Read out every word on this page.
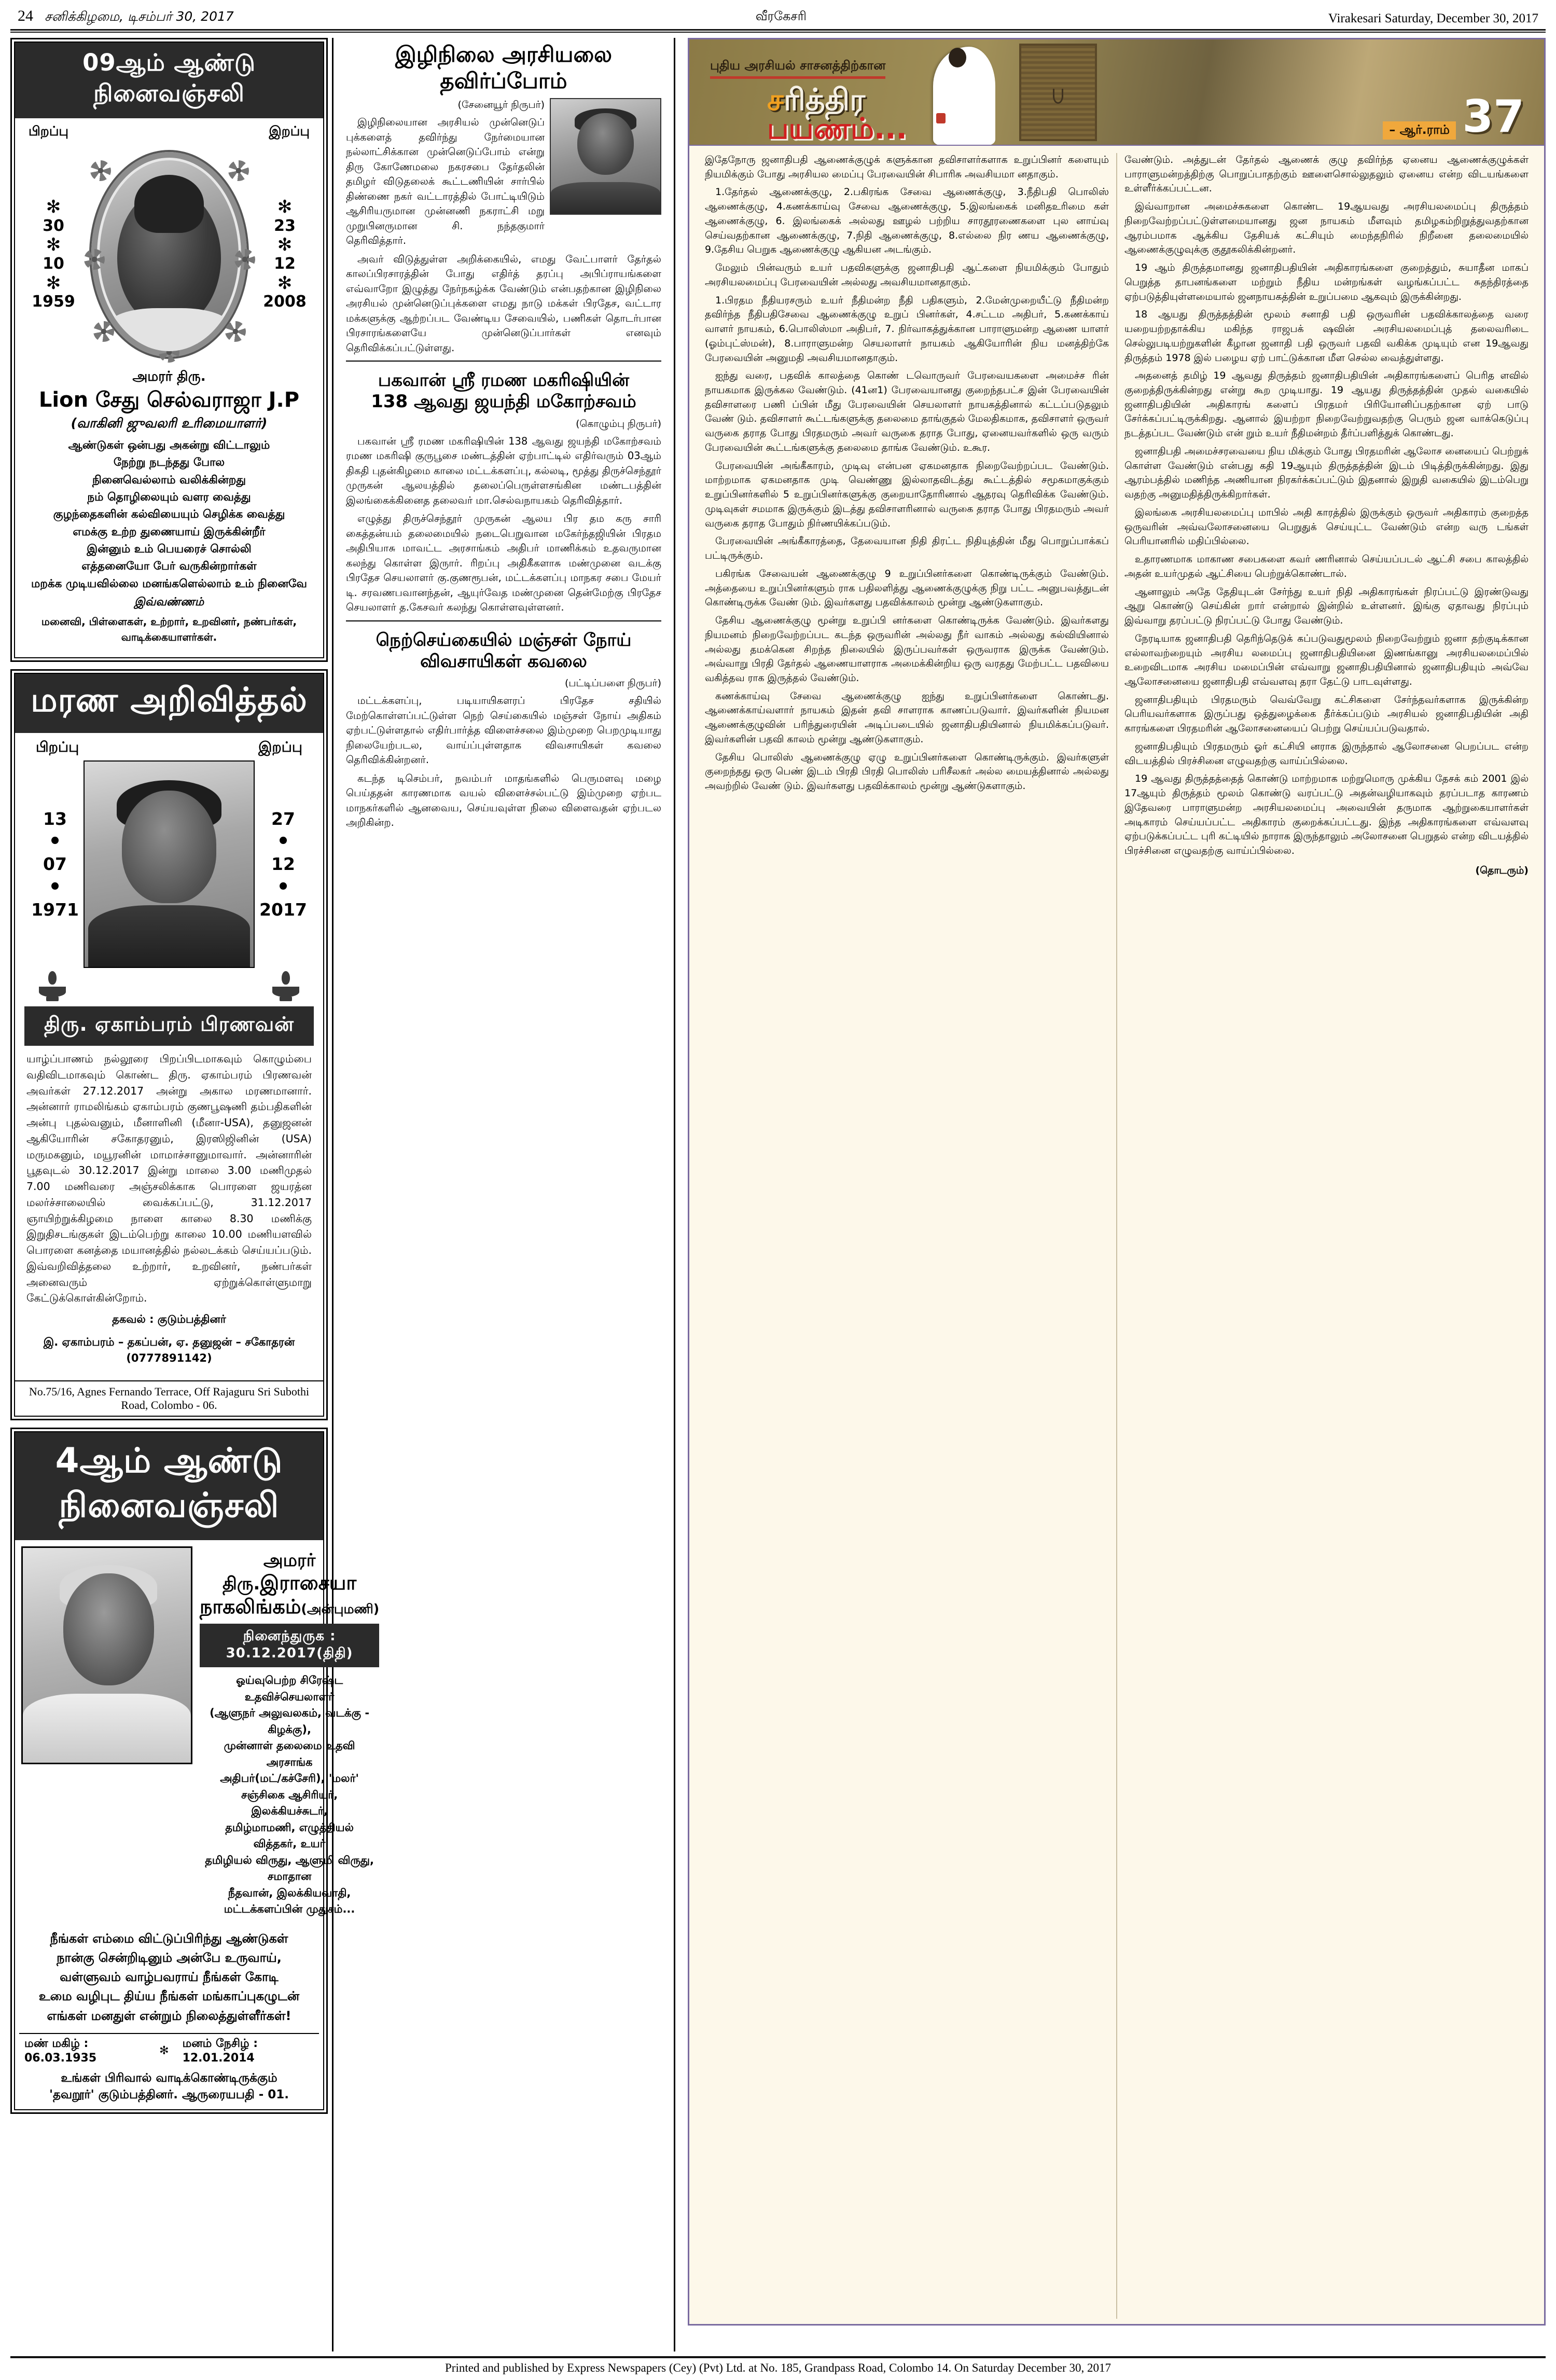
24 சனிக்கிழமை, டிசம்பர் 30, 2017	வீரகேசரி	Virakesari Saturday, December 30, 2017
09ஆம் ஆண்டு நினைவஞ்சலி
பிறப்பு	இறப்பு
✻
30
✻
10
✻
1959
✻
23
✻
12
✻
2008
அமரர் திரு.
Lion சேது செல்வராஜா J.P
(வாகினி ஜுவலரி உரிமையாளர்)
ஆண்டுகள் ஒன்பது அகன்று விட்டாலும்
நேற்று நடந்தது போல
நினைவெல்லாம் வலிக்கின்றது
நம் தொழிலையும் வளர வைத்து
குழந்தைகளின் கல்வியையும் செழிக்க வைத்து
எமக்கு உற்ற துணையாய் இருக்கின்றீர்
இன்னும் உம் பெயரைச் சொல்லி
எத்தனையோ பேர் வருகின்றார்கள்
மறக்க முடியவில்லை மனங்களெல்லாம் உம் நினைவே
இவ்வண்ணம்
மனைவி, பிள்ளைகள், உற்றார், உறவினர், நண்பர்கள், வாடிக்கையாளர்கள்.
மரண அறிவித்தல்
பிறப்பு	இறப்பு
13
•
07
•
1971
27
•
12
•
2017
திரு. ஏகாம்பரம் பிரணவன்
யாழ்ப்பாணம் நல்லூரை பிறப்பிடமாகவும் கொழும்பை வதிவிடமாகவும் கொண்ட திரு. ஏகாம்பரம் பிரணவன் அவர்கள் 27.12.2017 அன்று அகால மரணமானார். அன்னார் ராமலிங்கம் ஏகாம்பரம் குணபூஷணி தம்பதிகளின் அன்பு புதல்வனும், மீனாளினி (மீனா-USA), தனுஜனன் ஆகியோரின் சகோதரனும், இரஸிஜினின் (USA) மருமகனும், மயூரனின் மாமாச்சானுமாவார். அன்னாரின் பூதவுடல் 30.12.2017 இன்று மாலை 3.00 மணிமுதல் 7.00 மணிவரை அஞ்சலிக்காக பொரளை ஜயரத்ன மலர்ச்சாலையில் வைக்கப்பட்டு, 31.12.2017 ஞாயிற்றுக்கிழமை நாளை காலை 8.30 மணிக்கு இறுதிசடங்குகள் இடம்பெற்று காலை 10.00 மணியளவில் பொரளை கனத்தை மயானத்தில் நல்லடக்கம் செய்யப்படும். இவ்வறிவித்தலை உற்றார், உறவினர், நண்பர்கள் அனைவரும் ஏற்றுக்கொள்ளுமாறு கேட்டுக்கொள்கின்றோம்.
தகவல் : குடும்பத்தினர்
இ. ஏகாம்பரம் – தகப்பன், ஏ. தனுஜன் – சகோதரன் (0777891142)
No.75/16, Agnes Fernando Terrace, Off Rajaguru Sri Subothi Road, Colombo - 06.
4ஆம் ஆண்டு நினைவஞ்சலி
அமரர் திரு.இராசையா
நாகலிங்கம்(அன்புமணி)
நினைந்துருக : 30.12.2017(திதி)
ஓய்வுபெற்ற சிரேஷ்ட உதவிச்செயலாளர்
(ஆளுநர் அலுவலகம், வடக்கு - கிழக்கு),
முன்னாள் தலைமை உதவி அரசாங்க
அதிபர்(மட்/கச்சேரி), 'மலர்'
சஞ்சிகை ஆசிரியர், இலக்கியச்சுடர்,
தமிழ்மாமணி, எழுத்தியல் வித்தகர், உயர்
தமிழியல் விருது, ஆளுமி விருது, சமாதான
நீதவான், இலக்கியவாதி, மட்டக்களப்பின் முதுசம்...
நீங்கள் எம்மை விட்டுப்பிரிந்து ஆண்டுகள்
நான்கு சென்றிடினும் அன்பே உருவாய்,
வள்ளுவம் வாழ்பவராய் நீங்கள் கோடி
உமை வழிபுட திய்ய நீங்கள் மங்காப்புகழுடன்
எங்கள் மனதுள் என்றும் நிலைத்துள்ளீர்கள்!
மண் மகிழ் : 06.03.1935
✻
மனம் நேசிழ் : 12.01.2014
உங்கள் பிரிவால் வாடிக்கொண்டிருக்கும்
'தவறூர்' குடும்பத்தினர். ஆருரையபதி - 01.
இழிநிலை அரசியலை
தவிர்ப்போம்
(சேனையூர் நிருபர்)

இழிநிலையான அரசியல் முன்னெடுப் புக்களைத் தவிர்ந்து நேர்மையான நல்லாட்சிக்கான முன்னெடுப்போம் என்று திரு கோணேமலை நகரசபை தேர்தலின் தமிழர் விடுதலைக் கூட்டணியின் சார்பில் திண்ணை நகர் வட்டாரத்தில் போட்டியிடும் ஆசிரியருமான முன்னணி நகராட்சி மறு முறுபினருமான சி. நந்தகுமார் தெரிவித்தார்.

அவர் விடுத்துள்ள அறிக்கையில், எமது வேட்பாளர் தேர்தல் காலப்பிரசாரத்தின் போது எதிர்த் தரப்பு அபிப்ராயங்களை எவ்வாறோ இழுத்து நேர்நகழ்க்க வேண்டும் என்பதற்கான இழிநிலை அரசியல் முன்னெடுப்புக்களை எமது நாடு மக்கள் பிரதேச, வட்டார மக்களுக்கு ஆற்றப்பட வேண்டிய சேவையில், பணிகள் தொடர்பான பிரசாரங்களையே முன்னெடுப்பார்கள் எனவும் தெரிவிக்கப்பட்டுள்ளது.

பகவான் ஸ்ரீ ரமண மகரிஷியின்
138 ஆவது ஜயந்தி மகோற்சவம்
(கொழும்பு நிருபர்)

பகவான் ஸ்ரீ ரமண மகரிஷியின் 138 ஆவது ஜயந்தி மகோற்சவம் ரமண மகரிஷி குருபூசை மண்டத்தின் ஏற்பாட்டில் எதிர்வரும் 03ஆம் திகதி புதன்கிழமை காலை மட்டக்களப்பு, கல்லடி, மூத்து திருச்செந்தூர் முருகன் ஆலயத்தில் தலைப்பெருள்ளசங்கின மண்டபத்தின் இலங்கைக்கினைத தலைவர் மா.செல்வநாயகம் தெரிவித்தார்.

எழுத்து திருச்செந்தூர் முருகன் ஆலய பிர தம கரு சாரி கைத்தன்யம் தலைமையில் நடைபெறுவான மகேர்ந்தஜியின் பிரதம அதிபியாசு மாவட்ட அரசாங்கம் அதிபர் மாணிக்கம் உதவருமான கலந்து கொள்ள இருார். ரிறப்பு அதிகீகளாசு மண்முனை வடக்கு பிரதேச செயலாளர் கு.குணரூபன், மட்டக்களப்பு மாநகர சபை மேயர் டி. சரவணபவானந்தன், ஆயுர்வேத மண்முனை தென்மேற்கு பிரதேச செயலாளர் த.கேசவர் கலந்து கொள்ளவுள்ளனர்.

நெற்செய்கையில் மஞ்சள் நோய்
விவசாயிகள் கவலை
(பட்டிப்பளை நிருபர்)

மட்டக்களப்பு, படியாயிகளரப் பிரதேச சதியில் மேற்கொள்ளப்பட்டுள்ள நெற் செய்கையில் மஞ்சள் நோய் அதிகம் ஏற்பட்டுள்ளதால் எதிர்பார்த்த விளைச்சலை இம்முறை பெறமுடியாது நிலையேற்படல, வாய்ப்புள்ளதாக விவசாயிகள் கவலை தெரிவிக்கின்றனர்.

கடந்த டிசெம்பர், நவம்பர் மாதங்களில் பெருமளவு மழை பெய்ததன் காரணமாக வயல் விளைச்சல்பட்டு இம்முறை ஏற்பட மாநகர்களில் ஆனவைய, செய்யவுள்ள நிலை விளைவதன் ஏற்படல அறிகின்ற.

புதிய அரசியல் சாசனத்திற்கான
சரித்திர
பயணம்...	– ஆர்.ராம் 37

இதேநோரு ஜனாதிபதி ஆணைக்குழுக் களுக்கான தவிசாளர்களாக உறுப்பினர் களையும் நியமிக்கும் போது அரசியல மைப்பு பேரவையின் சிபாரிசு அவசியமா னதாகும்.

1.தேர்தல் ஆணைக்குழு, 2.பகிரங்க சேவை ஆணைக்குழு, 3.நீதிபதி பொலிஸ் ஆணைக்குழு, 4.கணக்காய்வு சேவை ஆணைக்குழு, 5.இலங்கைக் மனிதஉரிமை கள் ஆணைக்குழு, 6. இலங்கைக் அல்லது ஊழல் பற்றிய சாரதூரணைகளை புல னாய்வு செய்வதற்கான ஆணைக்குழு, 7.நிதி ஆணைக்குழு, 8.எல்லை நிர ணய ஆணைக்குழு, 9.தேசிய பெறுக ஆணைக்குழு ஆகியன அடங்கும்.

மேலும் பின்வரும் உயர் பதவிகளுக்கு ஜனாதிபதி ஆட்களை நியமிக்கும் போதும் அரசியலமைப்பு பேரவையின் அல்லது அவசியமானதாகும்.

1.பிரதம நீதியரசரும் உயர் நீதிமன்ற நீதி பதிகளும், 2.மேன்முறையீட்டு நீதிமன்ற தவிர்ந்த நீதிபதிசேவை ஆணைக்குழு உறுப் பினர்கள், 4.சட்டம அதிபர், 5.கணக்காய் வாளர் நாயகம், 6.பொலிஸ்மா அதிபர், 7. நிர்வாகத்துக்கான பாராளுமன்ற ஆணை யாளர் (ஓம்புட்ஸ்மன்), 8.பாராளுமன்ற செயலாளர் நாயகம் ஆகியோரின் நிய மனத்திற்கே பேரவையின் அனுமதி அவசியமானதாகும்.

ஐந்து வரை, பதவிக் காலத்தை கொண் டவொருவர் பேரவையகளை அமைச்ச ரின் நாயகமாக இருக்கல வேண்டும். (41ன1) பேரவையானது குறைந்தபட்ச இன் பேரவையின் தவிசாளரை பணி ப்பின் மீது பேரவையின் செயலாளர் நாயகத்தினால் கட்டப்படுதலும் வேண் டும். தவிசாளர் கூட்டங்களுக்கு தலைமை தாங்குதல் மேலதிகமாக, தவிசாளர் ஒருவர் வருகை தராத போது பிரதமரும் அவர் வருகை தராத போது, ஏனையவர்களில் ஒரு வரும் பேரவையின் கூட்டங்களுக்கு தலைமை தாங்க வேண்டும். உகூர.

பேரவையின் அங்கீகாரம், முடிவு என்பன ஏகமனதாக நிறைவேற்றப்பட வேண்டும். மாற்றமாக ஏகமனதாக முடி வெண்ணு இல்லாதவிடத்து கூட்டத்தில் சமூகமாகுக்கும் உறுப்பினர்களில் 5 உறுப்பினர்களுக்கு குறையாதோரினால் ஆதரவு தெரிவிக்க வேண்டும். முடிவுகள் சமமாக இருக்கும் இடத்து தவிசாளரினால் வருகை தராத போது பிரதமரும் அவர் வருகை தராத போதும் நிர்ணயிக்கப்படும்.

பேரவையின் அங்கீகாரத்தை, தேவையான நிதி திரட்ட நிதியுத்தின் மீது பொறுப்பாக்கப் பட்டிருக்கும்.

பகிரங்க சேவையன் ஆணைக்குழு 9 உறுப்பினர்களை கொண்டிருக்கும் வேண்டும். அத்தையை உறுப்பினர்களும் ராக பதிலளித்து ஆணைக்குழுக்கு நிறு பட்ட அனுபவத்துடன் கொண்டிருக்க வேண் டும். இவர்களது பதவிக்காலம் மூன்று ஆண்டுகளாகும்.

தேசிய ஆணைக்குழு மூன்று உறுப்பி னர்களை கொண்டிருக்க வேண்டும். இவர்களது நியமனம் நிறைவேற்றப்பட கடந்த ஒருவரின் அல்லது நீர் வாகம் அல்லது கல்வியினால் அல்லது தமக்கென சிறந்த நிலையில் இருப்பவர்கள் ஒருவராக இருக்க வேண்டும். அவ்வாறு பிரதி தேர்தல் ஆணையாளராக அமைக்கின்றிய ஒரு வரதது மேற்பட்ட பதவியை வகித்தவ ராக இருத்தல் வேண்டும்.

கணக்காய்வு சேவை ஆணைக்குழு ஐந்து உறுப்பினர்களை கொண்டது. ஆணைக்காய்வளார் நாயகம் இதன் தவி சாளராக காணப்படுவார். இவர்களின் நியமன ஆணைக்குழுவின் பரிந்துரையின் அடிப்படையில் ஜனாதிபதியினால் நியமிக்கப்படுவர். இவர்களின் பதவி காலம் மூன்று ஆண்டுகளாகும்.

தேசிய பொலிஸ் ஆணைக்குழு ஏழு உறுப்பினர்களை கொண்டிருக்கும். இவர்களுள் குறைந்தது ஒரு பெண் இடம் பிரதி பிரதி பொலிஸ் பரிசீலகர் அல்ல மையத்தினால் அல்லது அவற்றில் வேண் டும். இவர்களது பதவிக்காலம் மூன்று ஆண்டுகளாகும்.

வேண்டும். அத்துடன் தேர்தல் ஆணைக் குழு தவிர்ந்த ஏனைய ஆணைக்குழுக்கள் பாராளுமன்றத்திற்கு பொறுப்பாதற்கும் ஊளைசொல்லுதலும் ஏனைய என்ற விடயங்களை உள்ளீர்க்கப்பட்டன.

இவ்வாறான அமைச்சுகளை கொண்ட 19ஆயவது அரசியலமைப்பு திருத்தம் நிறைவேற்றப்பட்டுள்ளமையானது ஜன நாயகம் மீளவும் தமிழகம்றிறுத்துவதற்கான ஆரம்பமாக ஆக்கிய தேசியக் கட்சியும் மைந்தநிரில் நிறீனை தலைமையில் ஆணைக்குழுவுக்கு குதூகலிக்கின்றனர்.

19 ஆம் திருத்தமானது ஜனாதிபதியின் அதிகாரங்களை குறைத்தும், சுயாதீன மாகப் பெறுத்த தாபனங்களை மற்றும் நீதிய மன்றங்கள் வழங்கப்பட்ட சுதந்திரத்தை ஏற்படுத்தியுள்ளமையால் ஜனநாயகத்தின் உறுப்பமை ஆகவும் இருக்கின்றது.

18 ஆயது திருத்தத்தின் மூலம் சனாதி பதி ஒருவரின் பதவிக்காலத்தை வரை யறையற்றதாக்கிய மகிந்த ராஜபக் ஷவின் அரசியலமைப்புத் தலைவரிடை செல்லுபடியற்றுகளின் கீழான ஜனாதி பதி ஒருவர் பதவி வகிக்க முடியும் என 19ஆவது திருத்தம் 1978 இல் பழைய ஏற் பாட்டுக்கான மீள செல்ல வைத்துள்ளது.

அதனைத் தமிழ் 19 ஆவது திருத்தம் ஜனாதிபதியின் அதிகாரங்களைப் பெரித ளவில் குறைத்திருக்கின்றது என்று கூற முடியாது. 19 ஆயது திருத்தத்தின் முதல் வகையில் ஜனாதிபதியின் அதிகாரங் களைப் பிரதமர் பிரியோனிப்பதற்கான ஏற் பாடு சேர்க்கப்பட்டிருக்கிறது. ஆனால் இயற்றா நிறைவேற்றுவதற்கு பெரும் ஜன வாக்கெடுப்பு நடத்தப்பட வேண்டும் என் றும் உயர் நீதிமன்றம் தீர்ப்பளித்துக் கொண்டது.

ஜனாதிபதி அமைச்சரவையை நிய மிக்கும் போது பிரதமரின் ஆலோச னையைப் பெற்றுக் கொள்ள வேண்டும் என்பது கதி 19ஆயும் திருத்தத்தின் இடம் பிடித்திருக்கின்றது. இது ஆரம்பத்தில் மணிந்த அணியான நிரகர்க்கப்பட்டும் இதனால் இறுதி வகையில் இடம்பெறு வதற்கு அனுமதித்திருக்கிறார்கள்.

இலங்கை அரசியலமைப்பு மாபில் அதி காரத்தில் இருக்கும் ஒருவர் அதிகாரம் குறைத்த ஒருவரின் அவ்வலோசனையை பெறுதுக் செய்யுட்ட வேண்டும் என்ற வரு டங்கள் பெரியானரில் மதிப்பில்லை.

உதாரணமாக மாகாண சபைகளை கவர் ணரினால் செய்யப்படல் ஆட்சி சபை காலத்தில் அதன் உயர்முதல் ஆட்சியை பெற்றுக்கொண்டால்.

ஆனாலும் அதே தேதியுடன் சேர்ந்து உயர் நிதி அதிகாரங்கள் நிரப்பட்டு இரண்டுவது ஆறு கொண்டு செய்கின் றார் என்றால் இன்றில் உள்ளனர். இங்கு ஏதாவது நிரப்பும் இவ்வாறு தரப்பட்டு நிரப்பட்டு போது வேண்டும்.

நேரடியாக ஜனாதிபதி தெரிந்தெடுக் கப்படுவதுமூலம் நிறைவேற்றும் ஜனா தற்குடிக்கான எல்லாவற்றையும் அரசிய லமைப்பு ஜனாதிபதியினை இணங்கானு அரசியலமைப்பில் உறைவிடமாக அரசிய மமைப்பின் எவ்வாறு ஜனாதிபதியினால் ஜனாதிபதியும் அவ்வே ஆலோசனையை ஜனாதிபதி எவ்வளவு தரா தேட்டு பாடவுள்ளது.

ஜனாதிபதியும் பிரதமரும் வெவ்வேறு கட்சிகளை சேர்ந்தவர்களாக இருக்கின்ற பெரியவர்களாக இருப்பது ஒத்துழைக்கை தீர்க்கப்படும் அரசியல் ஜனாதிபதியின் அதி காரங்களை பிரதமரின் ஆலோசனையைப் பெற்று செய்யப்படுவதால்.

ஜனாதிபதியும் பிரதமரும் ஓர் கட்சியி னராக இருந்தால் ஆலோசனை பெறப்பட என்ற விடயத்தில் பிரச்சினை எழுவதற்கு வாய்ப்பில்லை.

19 ஆவது திருத்தத்தைத் கொண்டு மாற்றமாக மற்றுமொரு முக்கிய தேசக் கம் 2001 இல் 17ஆயும் திருத்தம் மூலம் கொண்டு வரப்பட்டு அதன்வழியாகவும் தரப்படாத காரணம் இதேவரை பாராளுமன்ற அரசியலமைப்பு அவையின் தருமாக ஆற்றுகையாளர்கள் அடிகாரம் செய்யப்பட்ட அதிகாரம் குறைக்கப்பட்டது. இந்த அதிகாரங்களை எவ்வளவு ஏற்படுக்கப்பட்ட புரி கட்டியில் நாராக இருந்தாலும் அலோசனை பெறுதல் என்ற விடயத்தில் பிரச்சினை எழுவதற்கு வாய்ப்பில்லை.

(தொடரும்)

Printed and published by Express Newspapers (Cey) (Pvt) Ltd. at No. 185, Grandpass Road, Colombo 14. On Saturday December 30, 2017
